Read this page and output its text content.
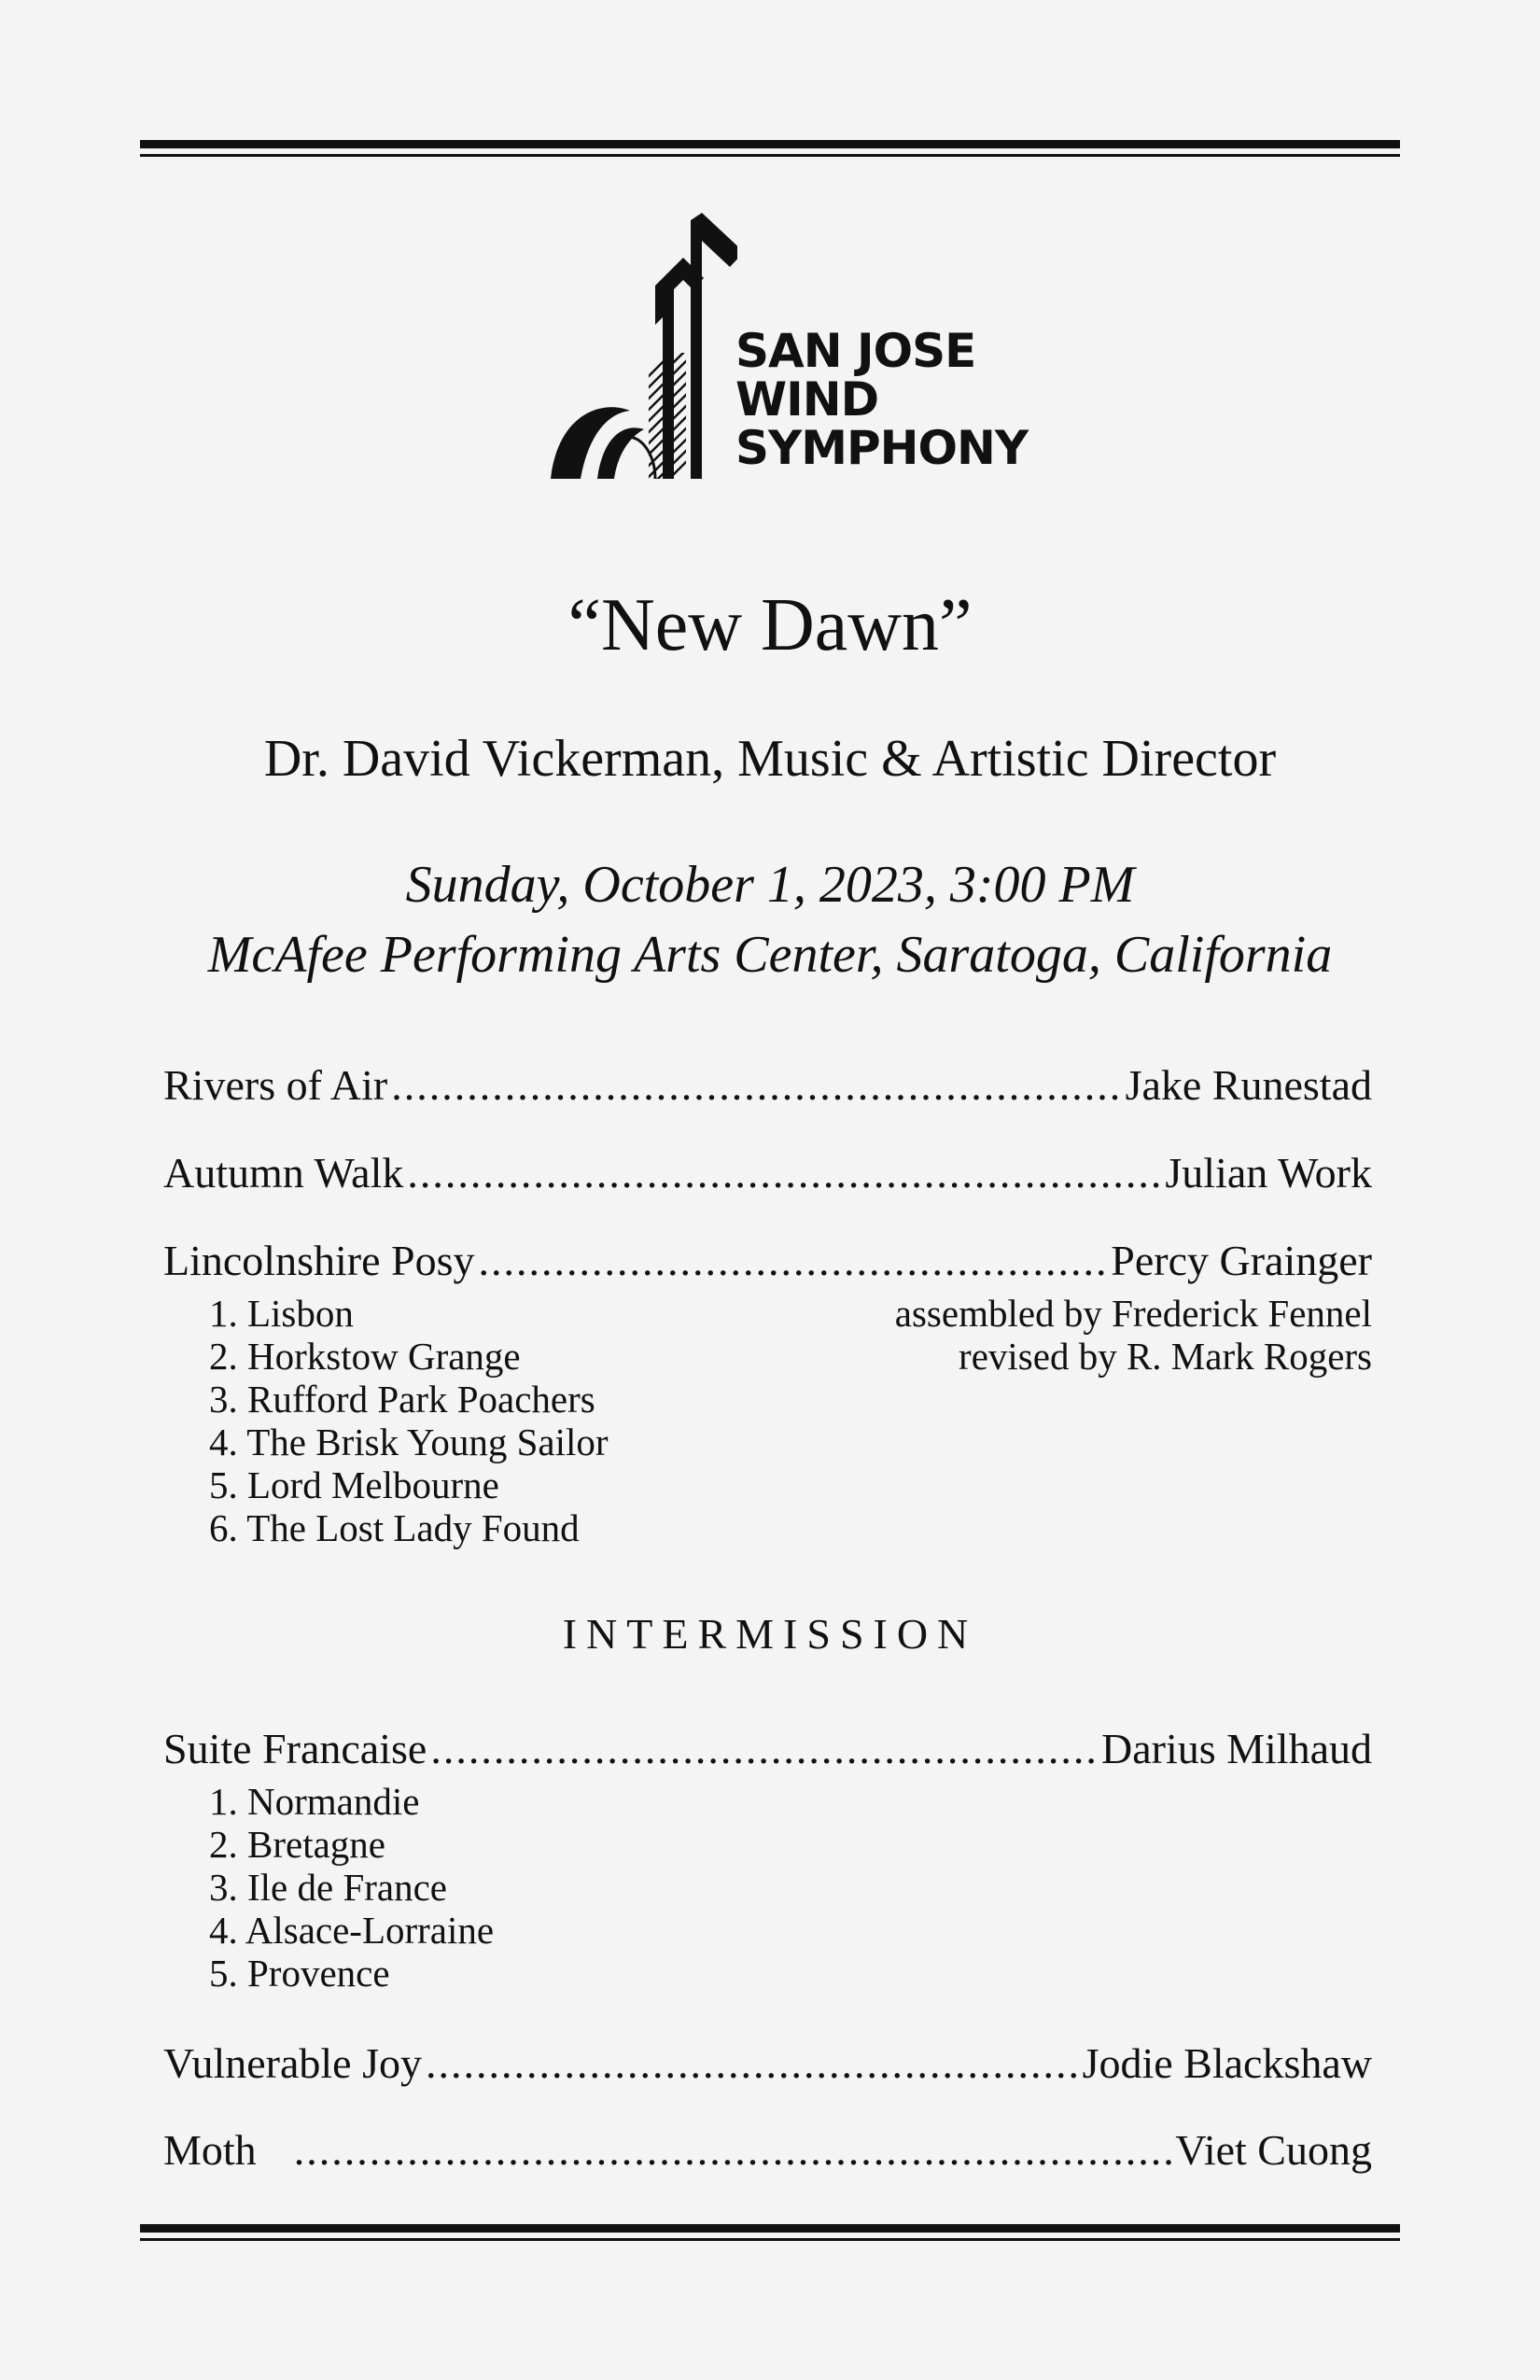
SAN JOSE
WIND
SYMPHONY
“New Dawn”
Dr. David Vickerman, Music & Artistic Director
Sunday, October 1, 2023, 3:00 PM
McAfee Performing Arts Center, Saratoga, California
Rivers of Air .....	Jake Runestad
Autumn Walk .....	Julian Work
Lincolnshire Posy .....	Percy Grainger
1. Lisbon
2. Horkstow Grange
3. Rufford Park Poachers
4. The Brisk Young Sailor
5. Lord Melbourne
6. The Lost Lady Found
assembled by Frederick Fennel
revised by R. Mark Rogers
INTERMISSION
Suite Francaise .....	Darius Milhaud
1. Normandie
2. Bretagne
3. Ile de France
4. Alsace-Lorraine
5. Provence
Vulnerable Joy .....	Jodie Blackshaw
Moth .....	Viet Cuong
